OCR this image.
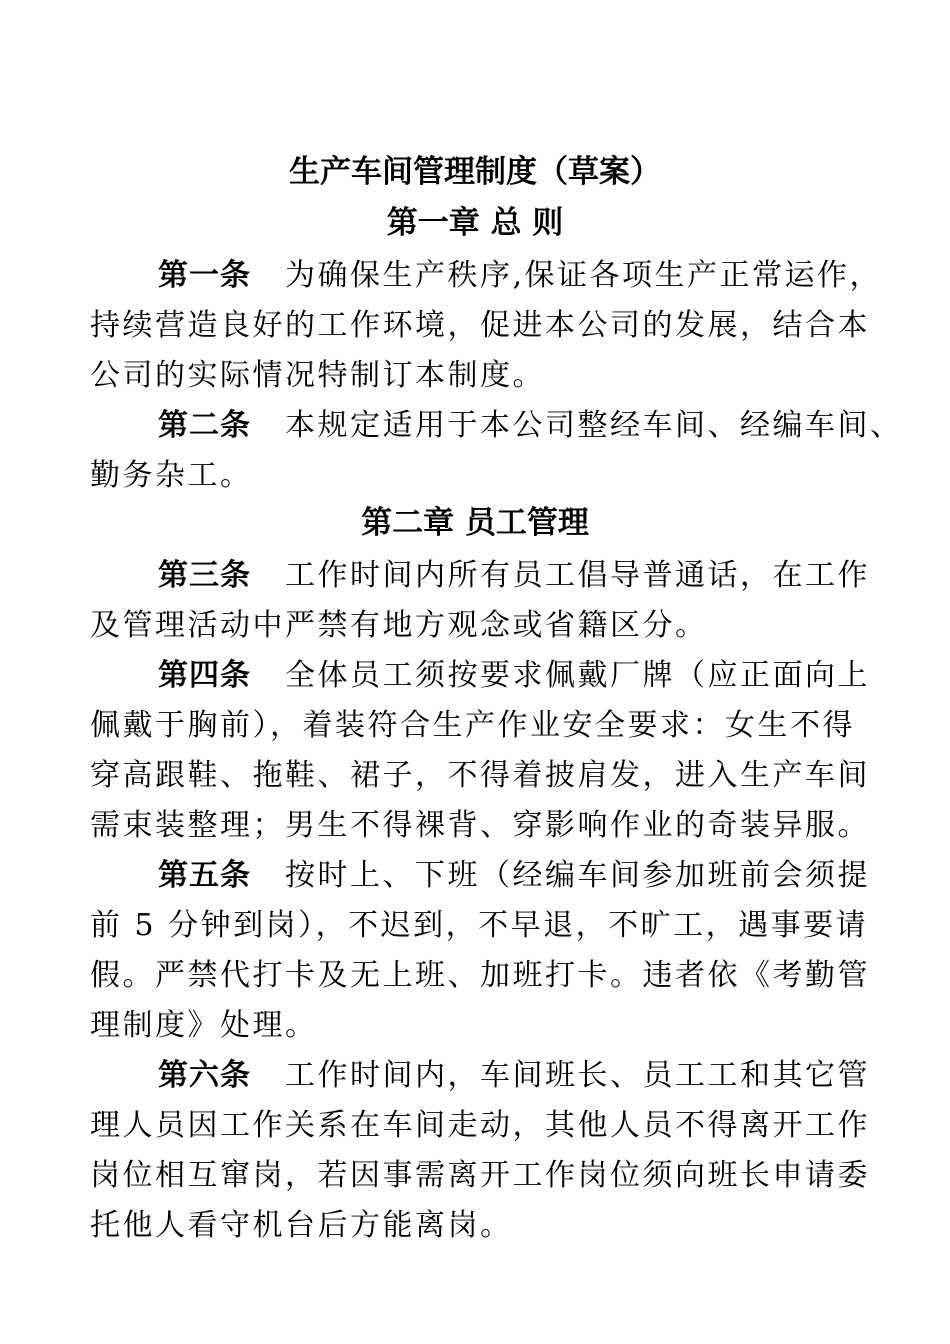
生产车间管理制度（草案）
第一章 总 则
第一条 为确保生产秩序,保证各项生产正常运作，
持续营造良好的工作环境，促进本公司的发展，结合本
公司的实际情况特制订本制度。
第二条 本规定适用于本公司整经车间、经编车间、
勤务杂工。
第二章 员工管理
第三条 工作时间内所有员工倡导普通话，在工作
及管理活动中严禁有地方观念或省籍区分。
第四条 全体员工须按要求佩戴厂牌（应正面向上
佩戴于胸前），着装符合生产作业安全要求：女生不得
穿高跟鞋、拖鞋、裙子，不得着披肩发，进入生产车间
需束装整理；男生不得裸背、穿影响作业的奇装异服。
第五条 按时上、下班（经编车间参加班前会须提
前 5 分钟到岗），不迟到，不早退，不旷工，遇事要请
假。严禁代打卡及无上班、加班打卡。违者依《考勤管
理制度》处理。
第六条 工作时间内，车间班长、员工工和其它管
理人员因工作关系在车间走动，其他人员不得离开工作
岗位相互窜岗，若因事需离开工作岗位须向班长申请委
托他人看守机台后方能离岗。
